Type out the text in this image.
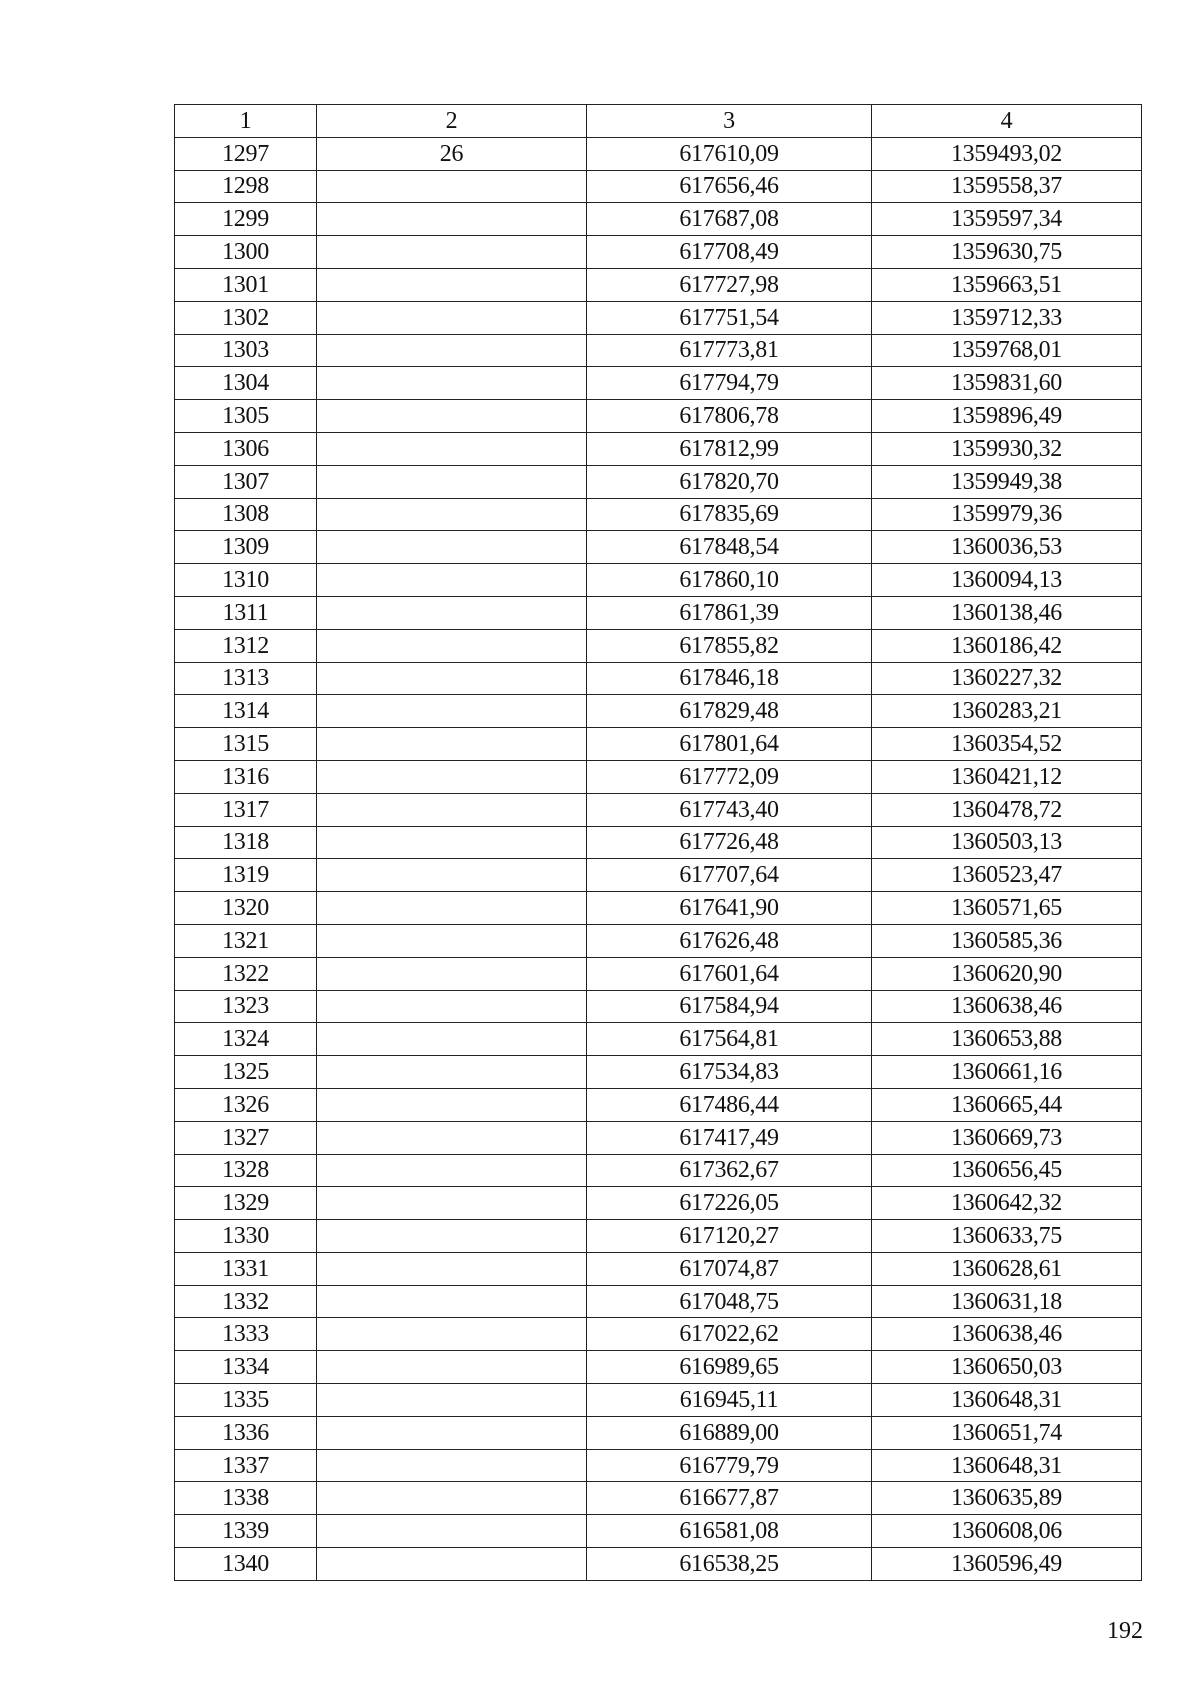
1	2	3	4
1297	26	617610,09	1359493,02
1298		617656,46	1359558,37
1299		617687,08	1359597,34
1300		617708,49	1359630,75
1301		617727,98	1359663,51
1302		617751,54	1359712,33
1303		617773,81	1359768,01
1304		617794,79	1359831,60
1305		617806,78	1359896,49
1306		617812,99	1359930,32
1307		617820,70	1359949,38
1308		617835,69	1359979,36
1309		617848,54	1360036,53
1310		617860,10	1360094,13
1311		617861,39	1360138,46
1312		617855,82	1360186,42
1313		617846,18	1360227,32
1314		617829,48	1360283,21
1315		617801,64	1360354,52
1316		617772,09	1360421,12
1317		617743,40	1360478,72
1318		617726,48	1360503,13
1319		617707,64	1360523,47
1320		617641,90	1360571,65
1321		617626,48	1360585,36
1322		617601,64	1360620,90
1323		617584,94	1360638,46
1324		617564,81	1360653,88
1325		617534,83	1360661,16
1326		617486,44	1360665,44
1327		617417,49	1360669,73
1328		617362,67	1360656,45
1329		617226,05	1360642,32
1330		617120,27	1360633,75
1331		617074,87	1360628,61
1332		617048,75	1360631,18
1333		617022,62	1360638,46
1334		616989,65	1360650,03
1335		616945,11	1360648,31
1336		616889,00	1360651,74
1337		616779,79	1360648,31
1338		616677,87	1360635,89
1339		616581,08	1360608,06
1340		616538,25	1360596,49
192
